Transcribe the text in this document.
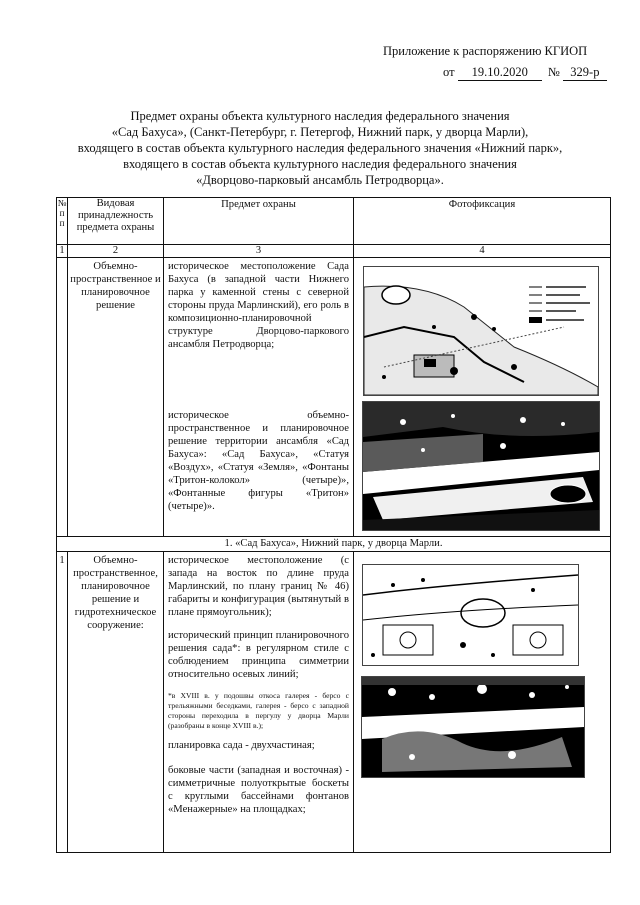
Приложение к распоряжению КГИОП
от 19.10.2020 № 329-р
Предмет охраны объекта культурного наследия федерального значения
«Сад Бахуса», (Санкт-Петербург, г. Петергоф, Нижний парк, у дворца Марли),
входящего в состав объекта культурного наследия федерального значения «Нижний парк»,
входящего в состав объекта культурного наследия федерального значения
«Дворцово-парковый ансамбль Петродворца».
№ п п	Видовая принадлежность предмета охраны	Предмет охраны	Фотофиксация
1	2	3	4
	Объемно-пространственное и планировочное решение	историческое местоположение Сада Бахуса (в западной части Нижнего парка у каменной стены с северной стороны пруда Марлинский), его роль в композиционно-планировочной структуре Дворцово-паркового ансамбля Петродворца;
историческое объемно-пространственное и планировочное решение территории ансамбля «Сад Бахуса»: «Сад Бахуса», «Статуя «Воздух», «Статуя «Земля», «Фонтаны «Тритон-колокол» (четыре)», «Фонтанные фигуры «Тритон» (четыре)».

1. «Сад Бахуса», Нижний парк, у дворца Марли.			
1	Объемно-пространственное, планировочное решение и гидротехническое сооружение:	историческое местоположение (с запада на восток по длине пруда Марлинский, по плану границ № 46) габариты и конфигурация (вытянутый в плане прямоугольник);
исторический принцип планировочного решения сада*: в регулярном стиле с соблюдением принципа симметрии относительно осевых линий;
*в XVIII в. у подошвы откоса галерея - берсо с трельяжными беседками, галерея - берсо с западной стороны переходила в пергулу у дворца Марли (разобраны в конце XVIII в.);
планировка сада - двухчастиная;
боковые части (западная и восточная) - симметричные полуоткрытые боскеты с круглыми бассейнами фонтанов «Менажерные» на площадках;
